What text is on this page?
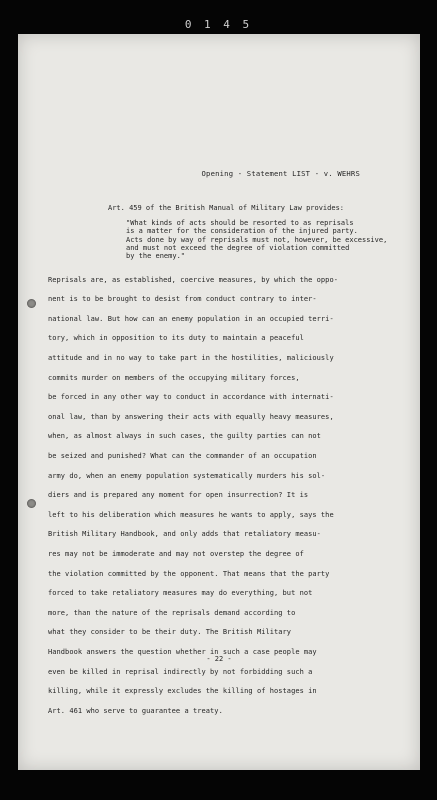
0 1 4 5
Opening - Statement LIST - v. WEHRS
Art. 459 of the British Manual of Military Law provides:
"What kinds of acts should be resorted to as reprisals
is a matter for the consideration of the injured party.
Acts done by way of reprisals must not, however, be excessive,
and must not exceed the degree of violation committed
by the enemy."
Reprisals are, as established, coercive measures, by which the oppo-
nent is to be brought to desist from conduct contrary to inter-
national law. But how can an enemy population in an occupied terri-
tory, which in opposition to its duty to maintain a peaceful
attitude and in no way to take part in the hostilities, maliciously
commits murder on members of the occupying military forces,
be forced in any other way to conduct in accordance with internati-
onal law, than by answering their acts with equally heavy measures,
when, as almost always in such cases, the guilty parties can not
be seized and punished? What can the commander of an occupation
army do, when an enemy population systematically murders his sol-
diers and is prepared any moment for open insurrection? It is
left to his deliberation which measures he wants to apply, says the
British Military Handbook, and only adds that retaliatory measu-
res may not be immoderate and may not overstep the degree of
the violation committed by the opponent. That means that the party
forced to take retaliatory measures may do everything, but not
more, than the nature of the reprisals demand according to
what they consider to be their duty. The British Military
Handbook answers the question whether in such a case people may
even be killed in reprisal indirectly by not forbidding such a
killing, while it expressly excludes the killing of hostages in
Art. 461 who serve to guarantee a treaty.
- 22 -
